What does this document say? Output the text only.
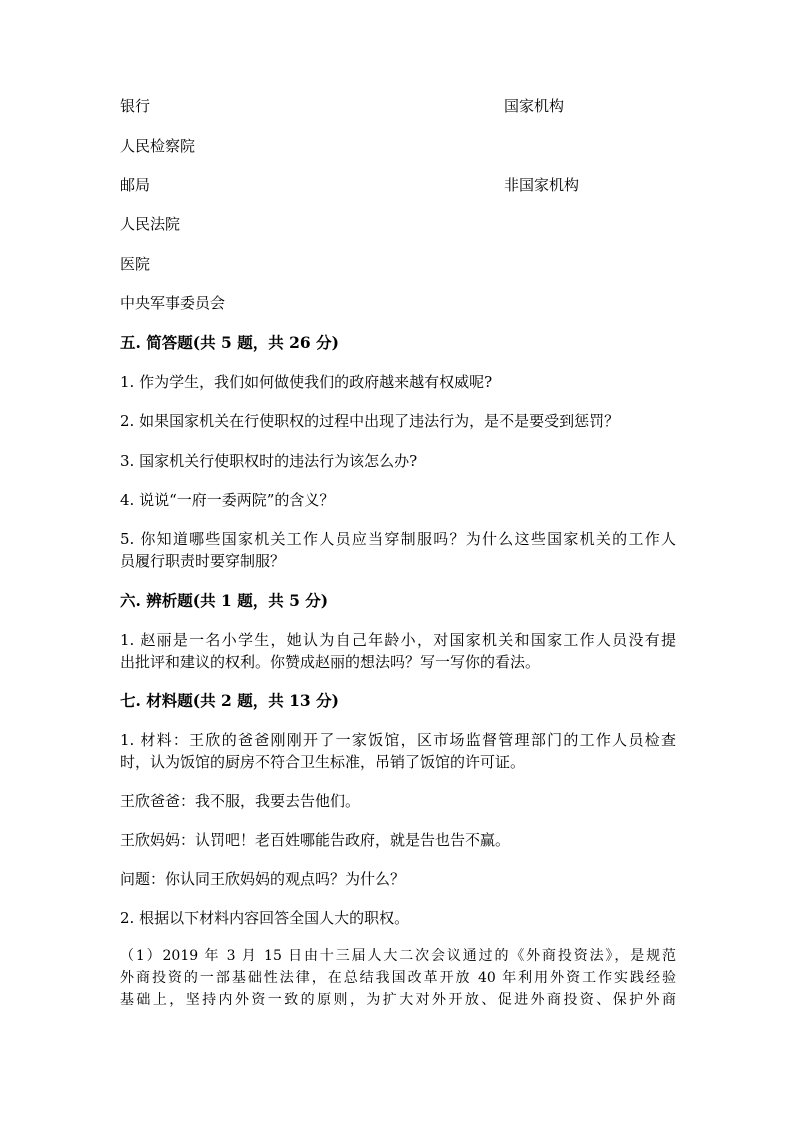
银行	国家机构
人民检察院
邮局	非国家机构
人民法院
医院
中央军事委员会
五. 简答题(共 5 题，共 26 分)
1. 作为学生，我们如何做使我们的政府越来越有权威呢?
2. 如果国家机关在行使职权的过程中出现了违法行为，是不是要受到惩罚？
3. 国家机关行使职权时的违法行为该怎么办?
4. 说说“一府一委两院”的含义？
5. 你知道哪些国家机关工作人员应当穿制服吗？为什么这些国家机关的工作人
员履行职责时要穿制服？
六. 辨析题(共 1 题，共 5 分)
1. 赵丽是一名小学生，她认为自己年龄小，对国家机关和国家工作人员没有提
出批评和建议的权利。你赞成赵丽的想法吗？写一写你的看法。
七. 材料题(共 2 题，共 13 分)
1. 材料：王欣的爸爸刚刚开了一家饭馆，区市场监督管理部门的工作人员检查
时，认为饭馆的厨房不符合卫生标准，吊销了饭馆的许可证。
王欣爸爸：我不服，我要去告他们。
王欣妈妈：认罚吧！老百姓哪能告政府，就是告也告不赢。
问题：你认同王欣妈妈的观点吗？为什么？
2. 根据以下材料内容回答全国人大的职权。
（1）2019 年 3 月 15 日由十三届人大二次会议通过的《外商投资法》，是规范
外商投资的一部基础性法律，在总结我国改革开放 40 年利用外资工作实践经验
基础上，坚持内外资一致的原则，为扩大对外开放、促进外商投资、保护外商
